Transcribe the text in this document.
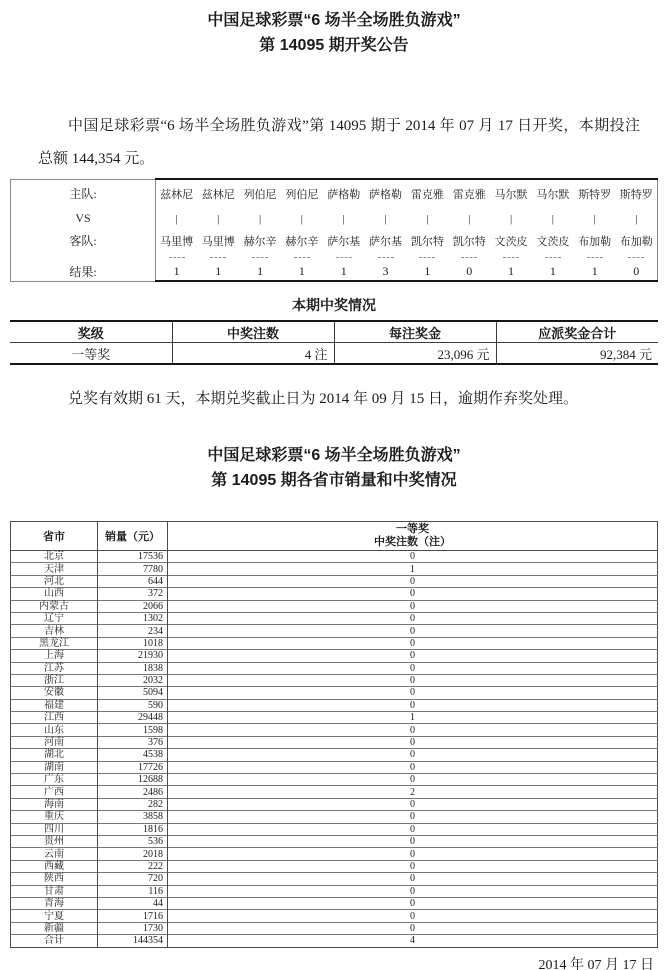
中国足球彩票“6 场半全场胜负游戏”
第 14095 期开奖公告

中国足球彩票“6 场半全场胜负游戏”第 14095 期于 2014 年 07 月 17 日开奖，本期投注总额 144,354 元。

主队:	兹林尼	兹林尼	列伯尼	列伯尼	萨格勒	萨格勒	雷克雅	雷克雅	马尔默	马尔默	斯特罗	斯特罗
VS	|	|	|	|	|	|	|	|	|	|	|	|
客队:	马里博	马里博	赫尔辛	赫尔辛	萨尔基	萨尔基	凯尔特	凯尔特	文茨皮	文茨皮	布加勒	布加勒

结果:	1	1	1	1	1	3	1	0	1	1	1	0
本期中奖情况
奖级	中奖注数	每注奖金	应派奖金合计
一等奖	4 注	23,096 元	92,384 元

兑奖有效期 61 天，本期兑奖截止日为 2014 年 09 月 15 日，逾期作弃奖处理。

中国足球彩票“6 场半全场胜负游戏”
第 14095 期各省市销量和中奖情况
省市	销量（元）	一等奖
中奖注数（注）

北京	17536	0
天津	7780	1
河北	644	0
山西	372	0
内蒙古	2066	0
辽宁	1302	0
吉林	234	0
黑龙江	1018	0
上海	21930	0
江苏	1838	0
浙江	2032	0
安徽	5094	0
福建	590	0
江西	29448	1
山东	1598	0
河南	376	0
湖北	4538	0
湖南	17726	0
广东	12688	0
广西	2486	2
海南	282	0
重庆	3858	0
四川	1816	0
贵州	536	0
云南	2018	0
西藏	222	0
陕西	720	0
甘肃	116	0
青海	44	0
宁夏	1716	0
新疆	1730	0
合计	144354	4
2014 年 07 月 17 日
